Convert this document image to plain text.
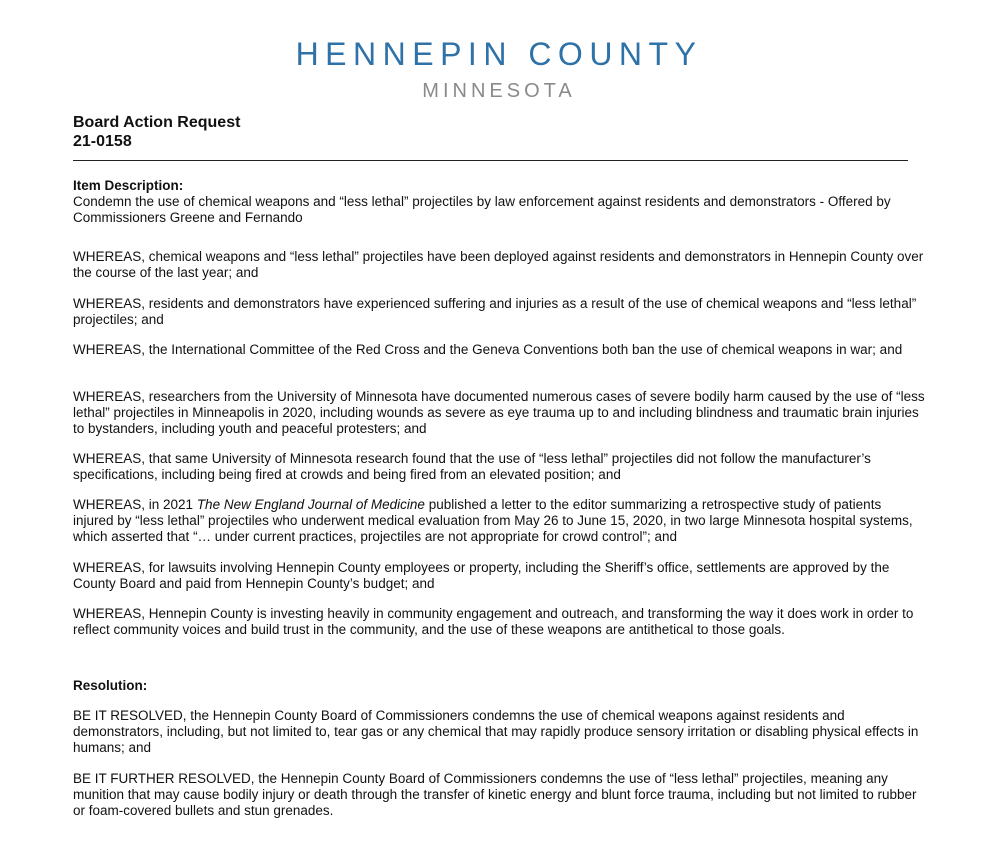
HENNEPIN COUNTY
MINNESOTA
Board Action Request
21-0158
Item Description:

Condemn the use of chemical weapons and “less lethal” projectiles by law enforcement against residents and demonstrators - Offered by Commissioners Greene and Fernando

WHEREAS, chemical weapons and “less lethal” projectiles have been deployed against residents and demonstrators in Hennepin County over the course of the last year; and

WHEREAS, residents and demonstrators have experienced suffering and injuries as a result of the use of chemical weapons and “less lethal” projectiles; and

WHEREAS, the International Committee of the Red Cross and the Geneva Conventions both ban the use of chemical weapons in war; and

WHEREAS, researchers from the University of Minnesota have documented numerous cases of severe bodily harm caused by the use of “less lethal” projectiles in Minneapolis in 2020, including wounds as severe as eye trauma up to and including blindness and traumatic brain injuries to bystanders, including youth and peaceful protesters; and

WHEREAS, that same University of Minnesota research found that the use of “less lethal” projectiles did not follow the manufacturer’s specifications, including being fired at crowds and being fired from an elevated position; and

WHEREAS, in 2021 The New England Journal of Medicine published a letter to the editor summarizing a retrospective study of patients injured by “less lethal” projectiles who underwent medical evaluation from May 26 to June 15, 2020, in two large Minnesota hospital systems, which asserted that “… under current practices, projectiles are not appropriate for crowd control”; and

WHEREAS, for lawsuits involving Hennepin County employees or property, including the Sheriff’s office, settlements are approved by the County Board and paid from Hennepin County’s budget; and

WHEREAS, Hennepin County is investing heavily in community engagement and outreach, and transforming the way it does work in order to reflect community voices and build trust in the community, and the use of these weapons are antithetical to those goals.

Resolution:

BE IT RESOLVED, the Hennepin County Board of Commissioners condemns the use of chemical weapons against residents and demonstrators, including, but not limited to, tear gas or any chemical that may rapidly produce sensory irritation or disabling physical effects in humans; and

BE IT FURTHER RESOLVED, the Hennepin County Board of Commissioners condemns the use of “less lethal” projectiles, meaning any munition that may cause bodily injury or death through the transfer of kinetic energy and blunt force trauma, including but not limited to rubber or foam-covered bullets and stun grenades.
